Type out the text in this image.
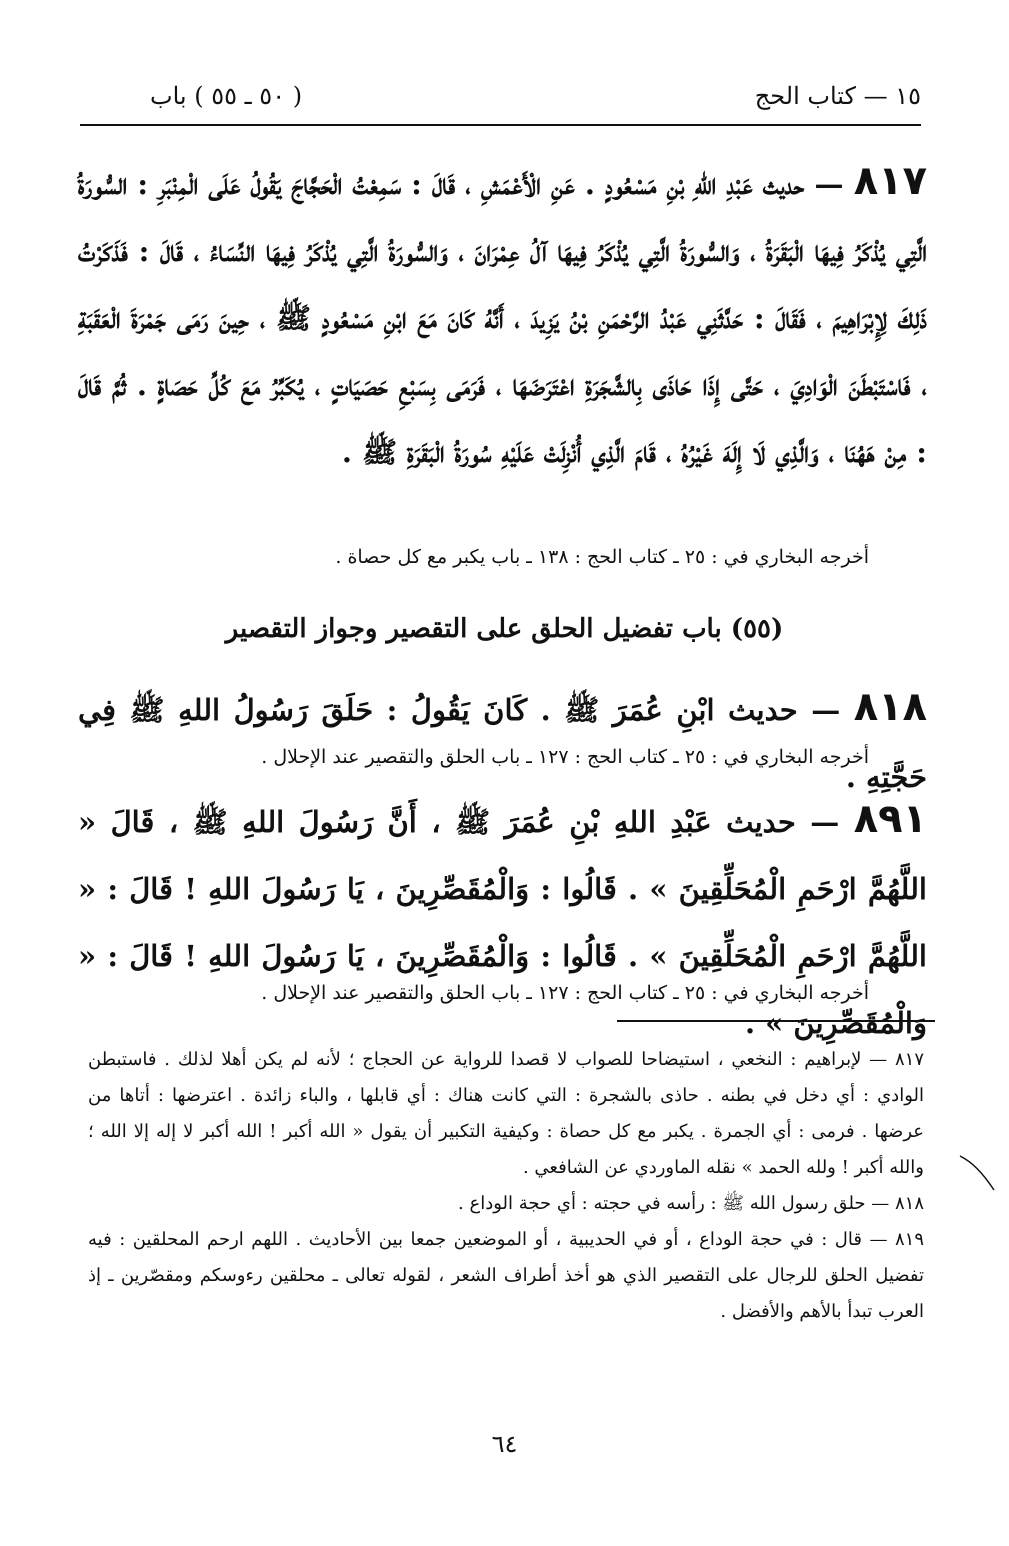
١٥ — كتاب الحج
( ٥٠ ـ ٥٥ ) باب

٨١٧ — حديث عَبْدِ اللهِ بْنِ مَسْعُودٍ . عَنِ الْأَعْمَشِ ، قَالَ : سَمِعْتُ الْحَجَّاجَ يَقُولُ عَلَى الْمِنْبَرِ : السُّورَةُ الَّتِي يُذْكَرُ فِيهَا الْبَقَرَةُ ، وَالسُّورَةُ الَّتِي يُذْكَرُ فِيهَا آلُ عِمْرَانَ ، وَالسُّورَةُ الَّتِي يُذْكَرُ فِيهَا النِّسَاءُ ، قَالَ : فَذَكَرْتُ ذَلِكَ لِإِبْرَاهِيمَ ، فَقَالَ : حَدَّثَنِي عَبْدُ الرَّحْمَنِ بْنُ يَزِيدَ ، أَنَّهُ كَانَ مَعَ ابْنِ مَسْعُودٍ ﷺ ، حِينَ رَمَى جَمْرَةَ الْعَقَبَةِ ، فَاسْتَبْطَنَ الْوَادِيَ ، حَتَّى إِذَا حَاذَى بِالشَّجَرَةِ اعْتَرَضَهَا ، فَرَمَى بِسَبْعِ حَصَيَاتٍ ، يُكَبِّرُ مَعَ كُلِّ حَصَاةٍ . ثُمَّ قَالَ : مِنْ هَهُنَا ، وَالَّذِي لَا إِلَهَ غَيْرُهُ ، قَامَ الَّذِي أُنْزِلَتْ عَلَيْهِ سُورَةُ الْبَقَرَةِ ﷺ .

أخرجه البخاري في : ٢٥ ـ كتاب الحج : ١٣٨ ـ باب يكبر مع كل حصاة .
(٥٥) باب تفضيل الحلق على التقصير وجواز التقصير

٨١٨ — حديث ابْنِ عُمَرَ ﷺ . كَانَ يَقُولُ : حَلَقَ رَسُولُ اللهِ ﷺ فِي حَجَّتِهِ .

أخرجه البخاري في : ٢٥ ـ كتاب الحج : ١٢٧ ـ باب الحلق والتقصير عند الإحلال .

٨٩١ — حديث عَبْدِ اللهِ بْنِ عُمَرَ ﷺ ، أَنَّ رَسُولَ اللهِ ﷺ ، قَالَ « اللَّهُمَّ ارْحَمِ الْمُحَلِّقِينَ » . قَالُوا : وَالْمُقَصِّرِينَ ، يَا رَسُولَ اللهِ ! قَالَ : « اللَّهُمَّ ارْحَمِ الْمُحَلِّقِينَ » . قَالُوا : وَالْمُقَصِّرِينَ ، يَا رَسُولَ اللهِ ! قَالَ : « وَالْمُقَصِّرِينَ » .

أخرجه البخاري في : ٢٥ ـ كتاب الحج : ١٢٧ ـ باب الحلق والتقصير عند الإحلال .

٨١٧ — لإبراهيم : النخعي ، استيضاحا للصواب لا قصدا للرواية عن الحجاج ؛ لأنه لم يكن أهلا لذلك . فاستبطن الوادي : أي دخل في بطنه . حاذى بالشجرة : التي كانت هناك : أي قابلها ، والباء زائدة . اعترضها : أتاها من عرضها . فرمى : أي الجمرة . يكبر مع كل حصاة : وكيفية التكبير أن يقول « الله أكبر ! الله أكبر لا إله إلا الله ؛ والله أكبر ! ولله الحمد » نقله الماوردي عن الشافعي .

٨١٨ — حلق رسول الله ﷺ : رأسه في حجته : أي حجة الوداع .

٨١٩ — قال : في حجة الوداع ، أو في الحديبية ، أو الموضعين جمعا بين الأحاديث . اللهم ارحم المحلقين : فيه تفضيل الحلق للرجال على التقصير الذي هو أخذ أطراف الشعر ، لقوله تعالى ـ محلقين رءوسكم ومقصّرين ـ إذ العرب تبدأ بالأهم والأفضل .

٦٤
